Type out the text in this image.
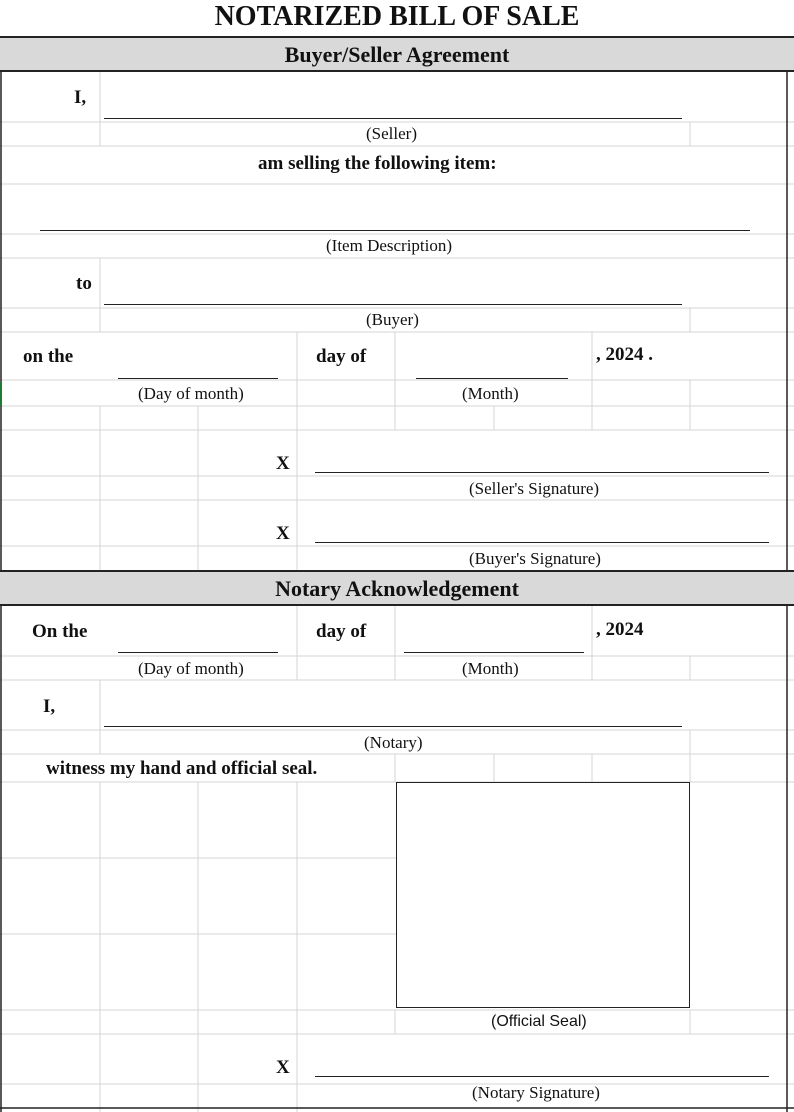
NOTARIZED BILL OF SALE
Buyer/Seller Agreement
I,
(Seller)
am selling the following item:
(Item Description)
to
(Buyer)
on the	day of	, 2024 .
(Day of month)	(Month)
X
(Seller's Signature)
X
(Buyer's Signature)
Notary Acknowledgement
On the	day of	, 2024
(Day of month)	(Month)
I,
(Notary)
witness my hand and official seal.
(Official Seal)
X
(Notary Signature)
